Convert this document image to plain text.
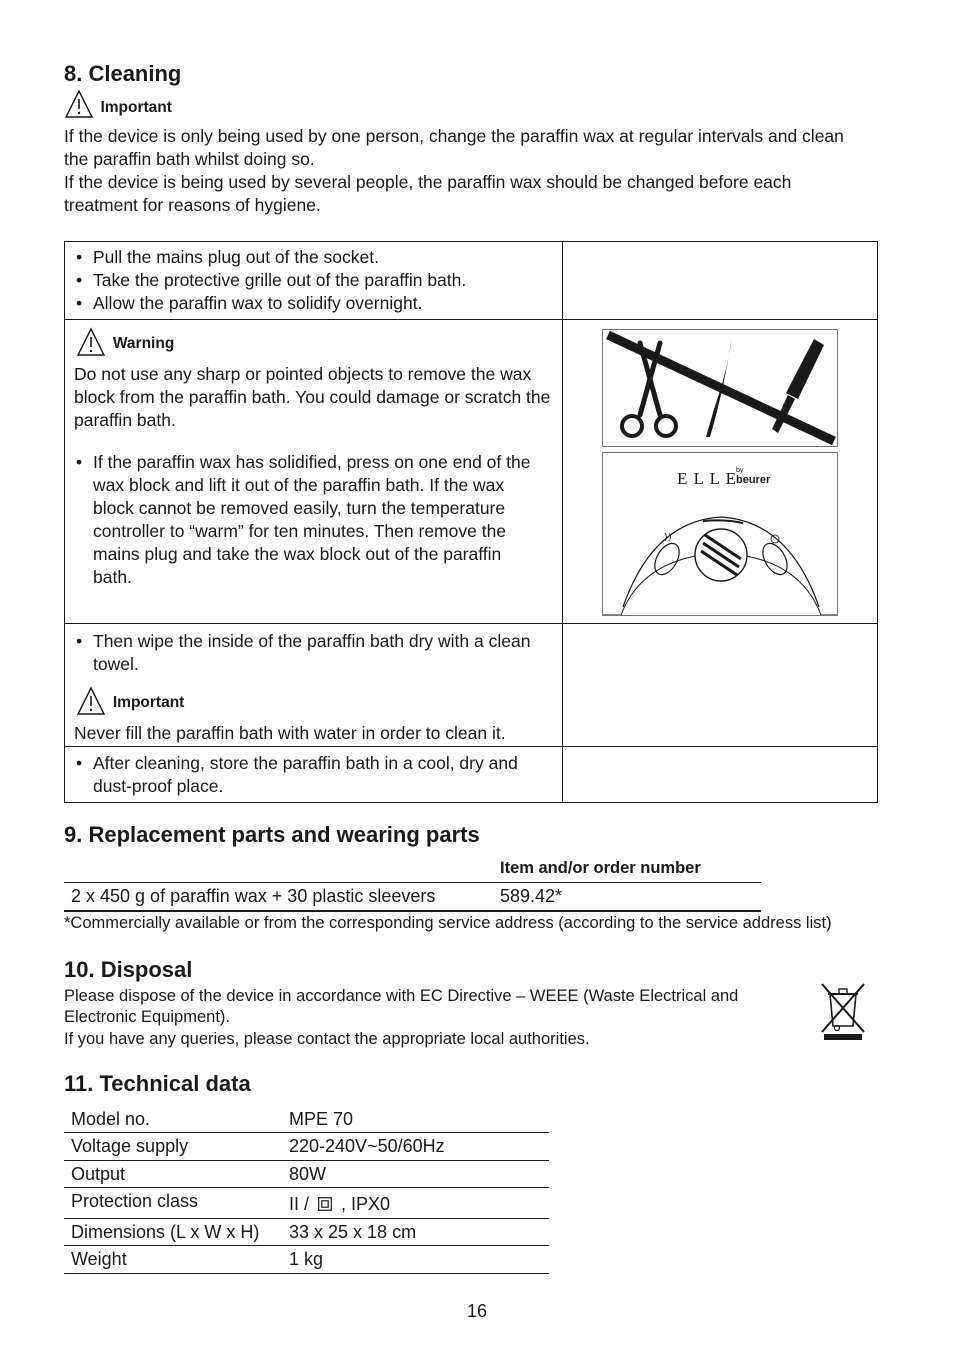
8. Cleaning
Important
If the device is only being used by one person, change the paraffin wax at regular intervals and clean the paraffin bath whilst doing so.
If the device is being used by several people, the paraffin wax should be changed before each treatment for reasons of hygiene.
• Pull the mains plug out of the socket.
• Take the protective grille out of the paraffin bath.
• Allow the paraffin wax to solidify overnight.
Warning
Do not use any sharp or pointed objects to remove the wax block from the paraffin bath. You could damage or scratch the paraffin bath.
• If the paraffin wax has solidified, press on one end of the wax block and lift it out of the paraffin bath. If the wax block cannot be removed easily, turn the temperature controller to “warm” for ten minutes. Then remove the mains plug and take the wax block out of the paraffin bath.
E L L E
by
beurer
• Then wipe the inside of the paraffin bath dry with a clean towel.
Important
Never fill the paraffin bath with water in order to clean it.
• After cleaning, store the paraffin bath in a cool, dry and dust-proof place.
9. Replacement parts and wearing parts
Item and/or order number
2 x 450 g of paraffin wax + 30 plastic sleevers	589.42*
*Commercially available or from the corresponding service address (according to the service address list)
10. Disposal
Please dispose of the device in accordance with EC Directive – WEEE (Waste Electrical and
Electronic Equipment).
If you have any queries, please contact the appropriate local authorities.
11. Technical data
Model no.	MPE 70
Voltage supply	220-240V~50/60Hz
Output	80W
Protection class	II / , IPX0
Dimensions (L x W x H) 33 x 25 x 18 cm
Weight	1 kg
16
